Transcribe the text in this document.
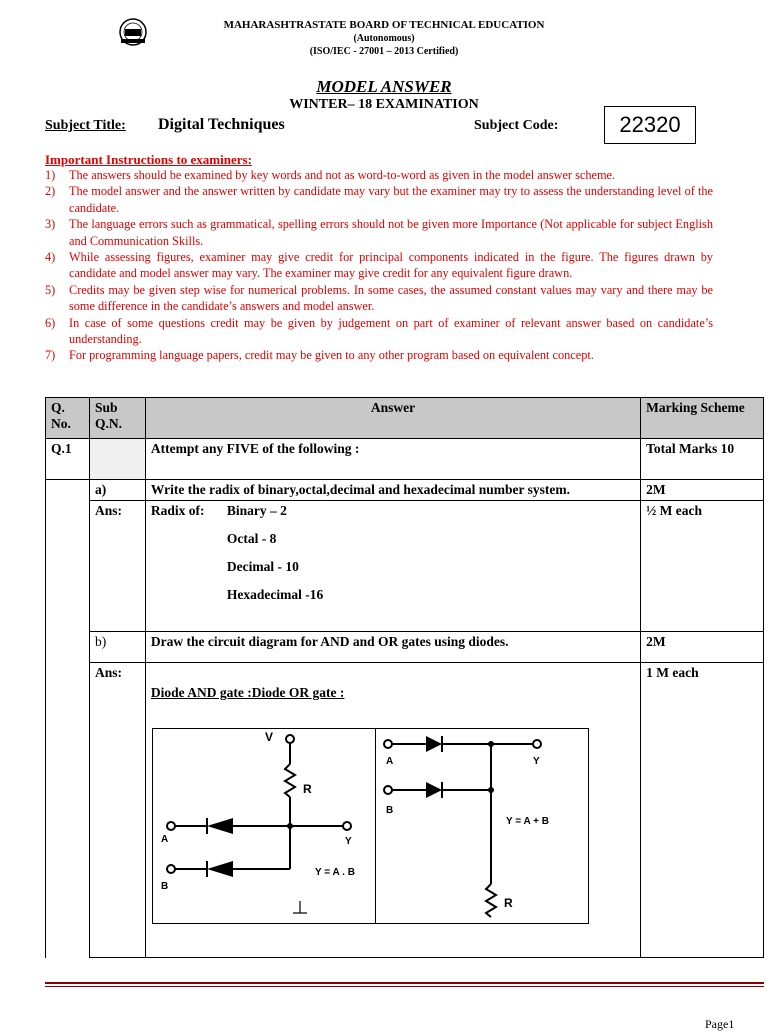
MAHARASHTRASTATE BOARD OF TECHNICAL EDUCATION
(Autonomous)
(ISO/IEC - 27001 – 2013 Certified)
MODEL ANSWER
WINTER– 18 EXAMINATION
Subject Title: Digital Techniques	Subject Code:	22320
Important Instructions to examiners:
1)	The answers should be examined by key words and not as word-to-word as given in the model answer scheme.
2)	The model answer and the answer written by candidate may vary but the examiner may try to assess the understanding level of the candidate.
3)	The language errors such as grammatical, spelling errors should not be given more Importance (Not applicable for subject English and Communication Skills.
4)	While assessing figures, examiner may give credit for principal components indicated in the figure. The figures drawn by candidate and model answer may vary. The examiner may give credit for any equivalent figure drawn.
5)	Credits may be given step wise for numerical problems. In some cases, the assumed constant values may vary and there may be some difference in the candidate’s answers and model answer.
6)	In case of some questions credit may be given by judgement on part of examiner of relevant answer based on candidate’s understanding.
7)	For programming language papers, credit may be given to any other program based on equivalent concept.
Q. No.	Sub Q.N.	Answer	Marking Scheme
Q.1		Attempt any FIVE of the following :	Total Marks 10
	a)	Write the radix of binary,octal,decimal and hexadecimal number system.	2M
	Ans:	Radix of: Binary – 2
Octal - 8
Decimal - 10
Hexadecimal -16	½ M each
	b)	Draw the circuit diagram for AND and OR gates using diodes.	2M
	Ans:	Diode AND gate :Diode OR gate :	1 M each
V
R
A
B
Y
Y = A . B
A
B
Y
Y = A + B
R
Page1
